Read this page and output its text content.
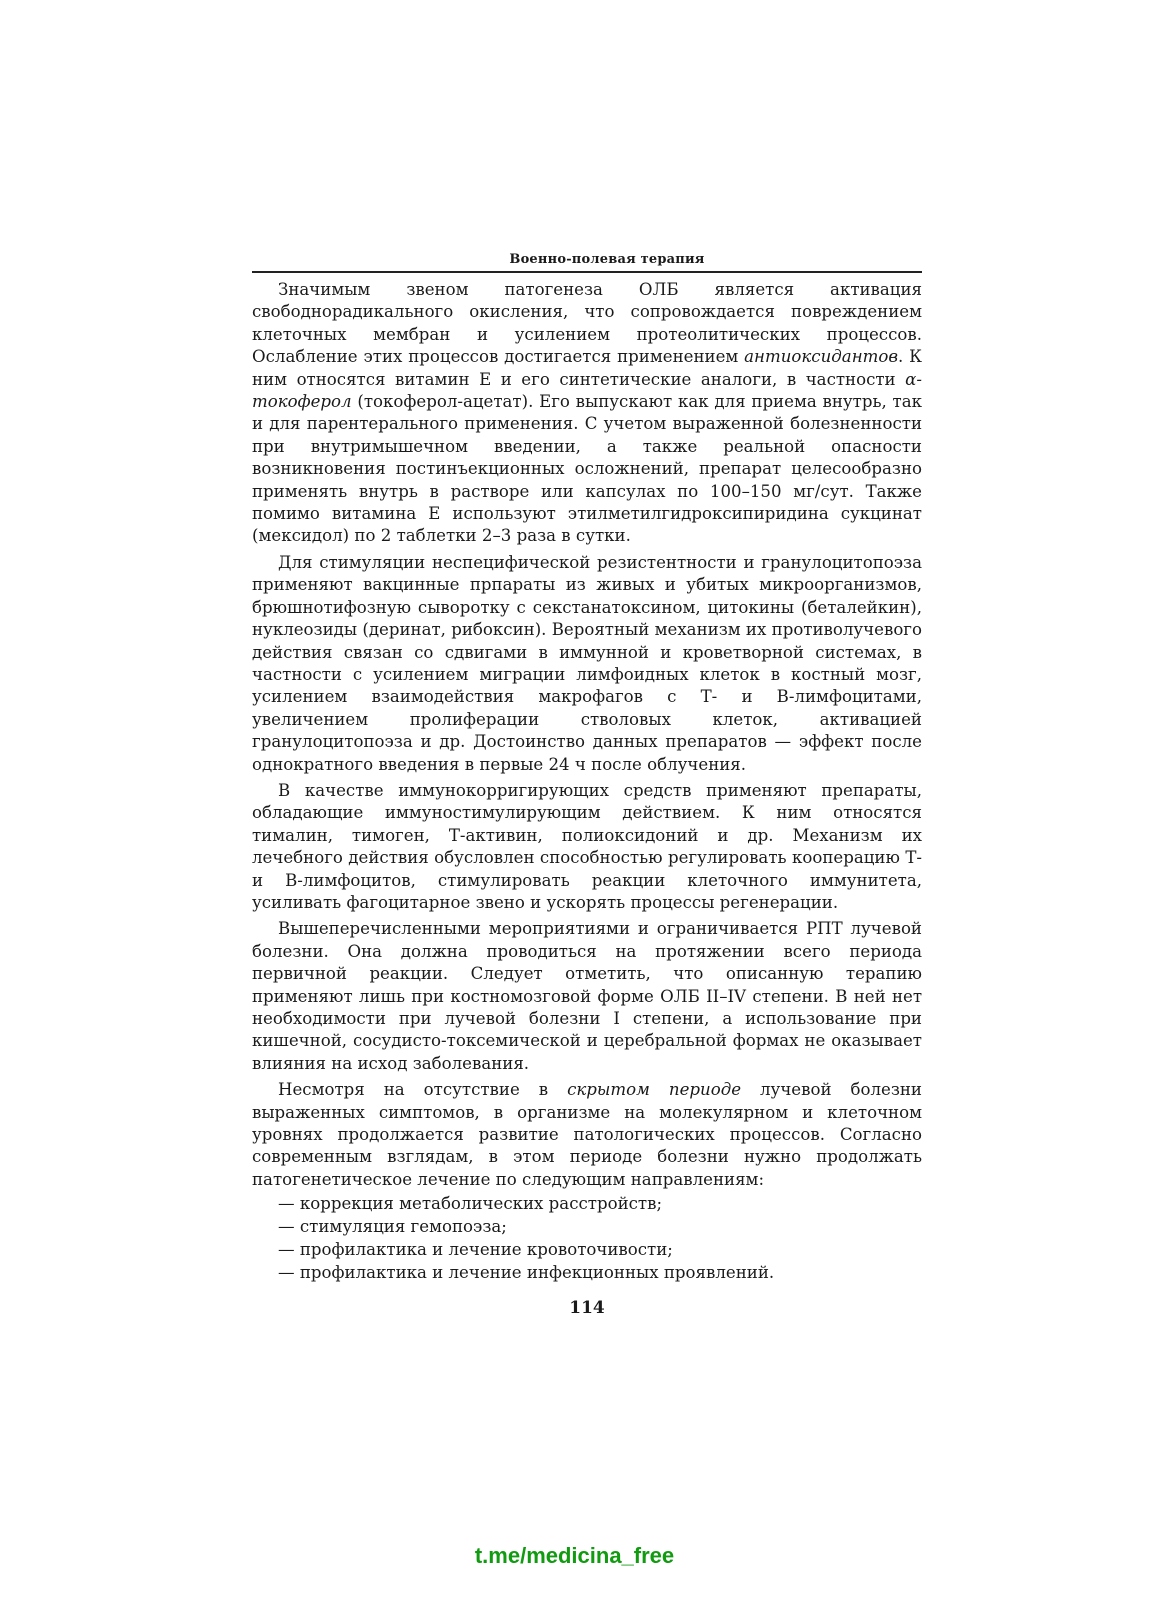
Военно-полевая терапия

Значимым звеном патогенеза ОЛБ является активация свободнорадикального окисления, что сопровождается повреждением клеточных мембран и усилением протеолитических процессов. Ослабление этих процессов достигается применением антиоксидантов. К ним относятся витамин Е и его синтетические аналоги, в частности α-токоферол (токоферол-ацетат). Его выпускают как для приема внутрь, так и для парентерального применения. С учетом выраженной болезненности при внутримышечном введении, а также реальной опасности возникновения постинъекционных осложнений, препарат целесообразно применять внутрь в растворе или капсулах по 100–150 мг/сут. Также помимо витамина Е используют этилметилгидроксипиридина сукцинат (мексидол) по 2 таблетки 2–3 раза в сутки.

Для стимуляции неспецифической резистентности и гранулоцитопоэза применяют вакцинные прпараты из живых и убитых микроорганизмов, брюшнотифозную сыворотку с секстанатоксином, цитокины (беталейкин), нуклеозиды (деринат, рибоксин). Вероятный механизм их противолучевого действия связан со сдвигами в иммунной и кроветворной системах, в частности с усилением миграции лимфоидных клеток в костный мозг, усилением взаимодействия макрофагов с Т- и В-лимфоцитами, увеличением пролиферации стволовых клеток, активацией гранулоцитопоэза и др. Достоинство данных препаратов — эффект после однократного введения в первые 24 ч после облучения.

В качестве иммунокорригирующих средств применяют препараты, обладающие иммуностимулирующим действием. К ним относятся тималин, тимоген, Т-активин, полиоксидоний и др. Механизм их лечебного действия обусловлен способностью регулировать кооперацию Т- и В-лимфоцитов, стимулировать реакции клеточного иммунитета, усиливать фагоцитарное звено и ускорять процессы регенерации.

Вышеперечисленными мероприятиями и ограничивается РПТ лучевой болезни. Она должна проводиться на протяжении всего периода первичной реакции. Следует отметить, что описанную терапию применяют лишь при костномозговой форме ОЛБ II–IV степени. В ней нет необходимости при лучевой болезни I степени, а использование при кишечной, сосудисто-токсемической и церебральной формах не оказывает влияния на исход заболевания.

Несмотря на отсутствие в скрытом периоде лучевой болезни выраженных симптомов, в организме на молекулярном и клеточном уровнях продолжается развитие патологических процессов. Согласно современным взглядам, в этом периоде болезни нужно продолжать патогенетическое лечение по следующим направлениям:

— коррекция метаболических расстройств;
— стимуляция гемопоэза;
— профилактика и лечение кровоточивости;
— профилактика и лечение инфекционных проявлений.
114
t.me/medicina_free
